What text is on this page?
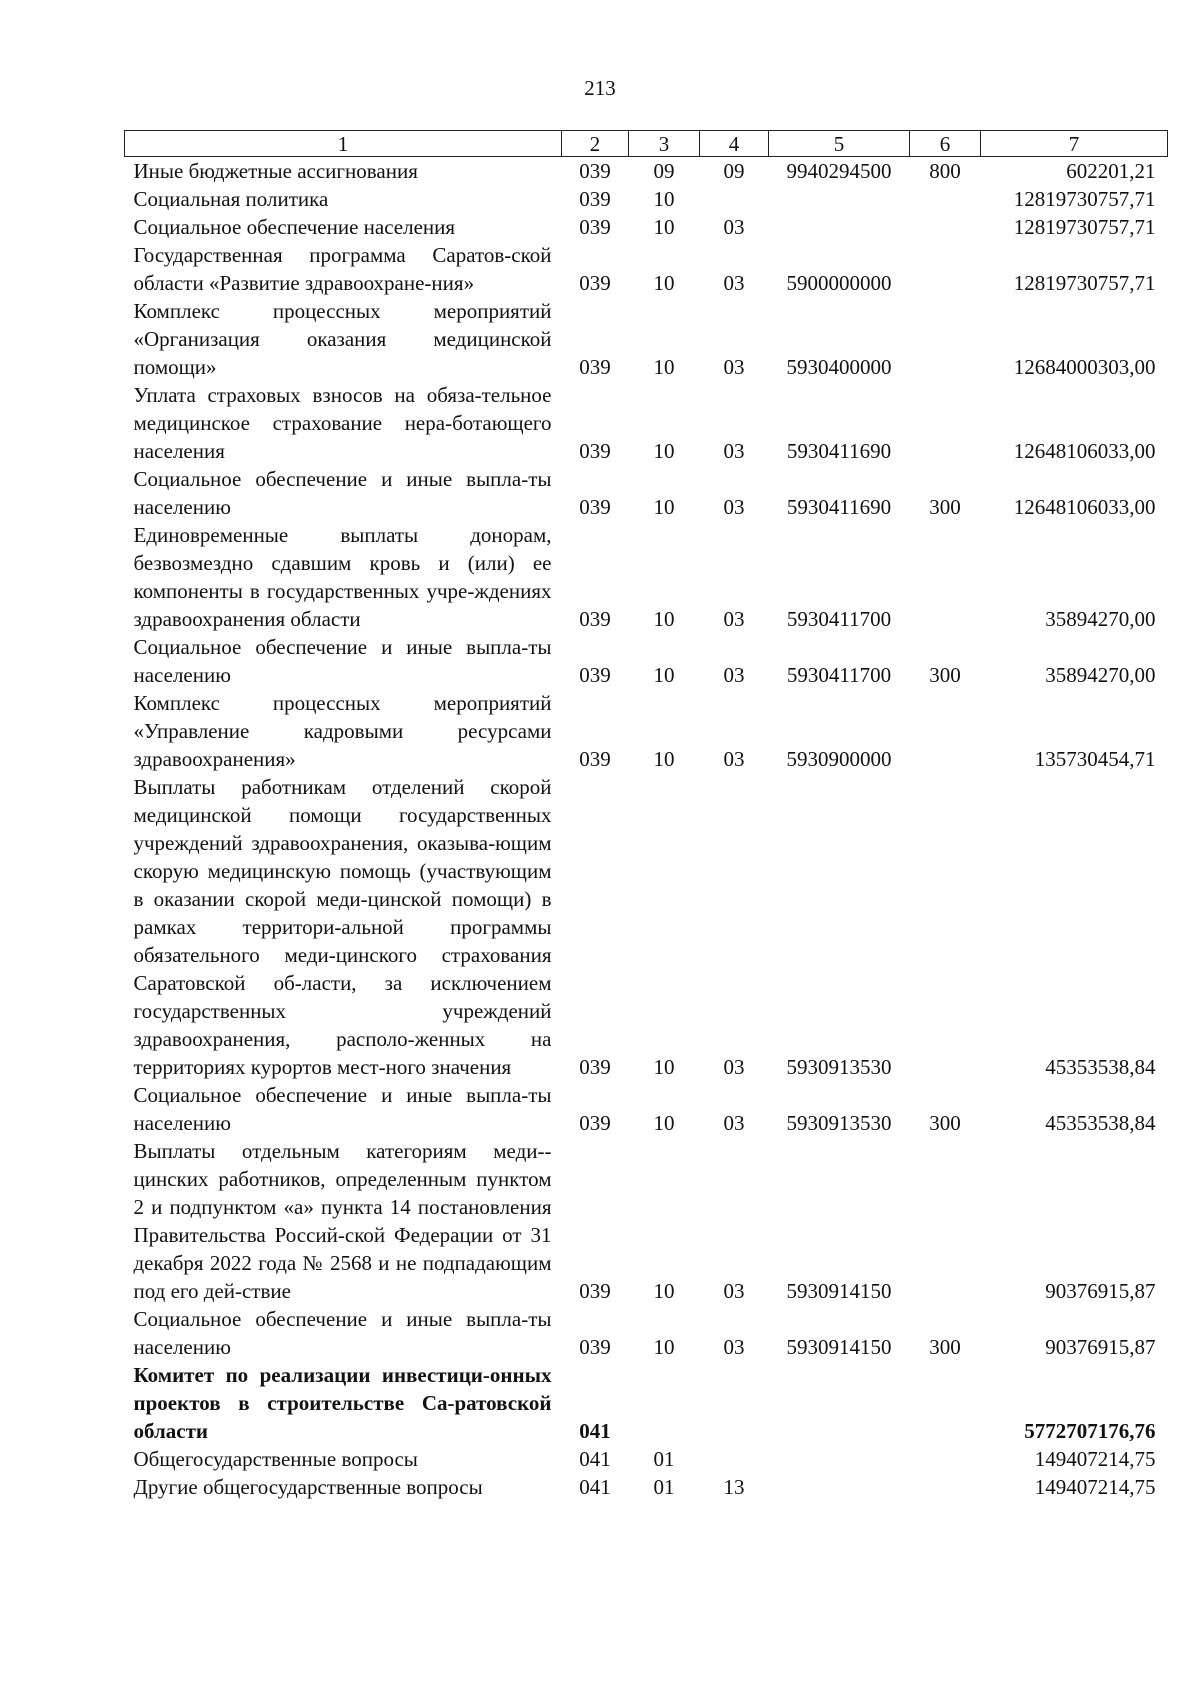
213
1	2	3	4	5	6	7
Иные бюджетные ассигнования	039	09	09	9940294500	800	602201,21
Социальная политика	039	10				12819730757,71
Социальное обеспечение населения	039	10	03			12819730757,71
Государственная программа Саратов-ской области «Развитие здравоохране-ния»	039	10	03	5900000000		12819730757,71
Комплекс процессных мероприятий «Организация оказания медицинской помощи»	039	10	03	5930400000		12684000303,00
Уплата страховых взносов на обяза-тельное медицинское страхование нера-ботающего населения	039	10	03	5930411690		12648106033,00
Социальное обеспечение и иные выпла-ты населению	039	10	03	5930411690	300	12648106033,00
Единовременные выплаты донорам, безвозмездно сдавшим кровь и (или) ее компоненты в государственных учре-ждениях здравоохранения области	039	10	03	5930411700		35894270,00
Социальное обеспечение и иные выпла-ты населению	039	10	03	5930411700	300	35894270,00
Комплекс процессных мероприятий «Управление кадровыми ресурсами здравоохранения»	039	10	03	5930900000		135730454,71
Выплаты работникам отделений скорой медицинской помощи государственных учреждений здравоохранения, оказыва-ющим скорую медицинскую помощь (участвующим в оказании скорой меди-цинской помощи) в рамках территори-альной программы обязательного меди-цинского страхования Саратовской об-ласти, за исключением государственных учреждений здравоохранения, располо-женных на территориях курортов мест-ного значения	039	10	03	5930913530		45353538,84
Социальное обеспечение и иные выпла-ты населению	039	10	03	5930913530	300	45353538,84
Выплаты отдельным категориям меди-цинских работников, определенным пунктом 2 и подпунктом «а» пункта 14 постановления Правительства Россий-ской Федерации от 31 декабря 2022 года № 2568 и не подпадающим под его дей-ствие	039	10	03	5930914150		90376915,87
Социальное обеспечение и иные выпла-ты населению	039	10	03	5930914150	300	90376915,87
Комитет по реализации инвестици-онных проектов в строительстве Са-ратовской области	041					5772707176,76
Общегосударственные вопросы	041	01				149407214,75
Другие общегосударственные вопросы	041	01	13			149407214,75
